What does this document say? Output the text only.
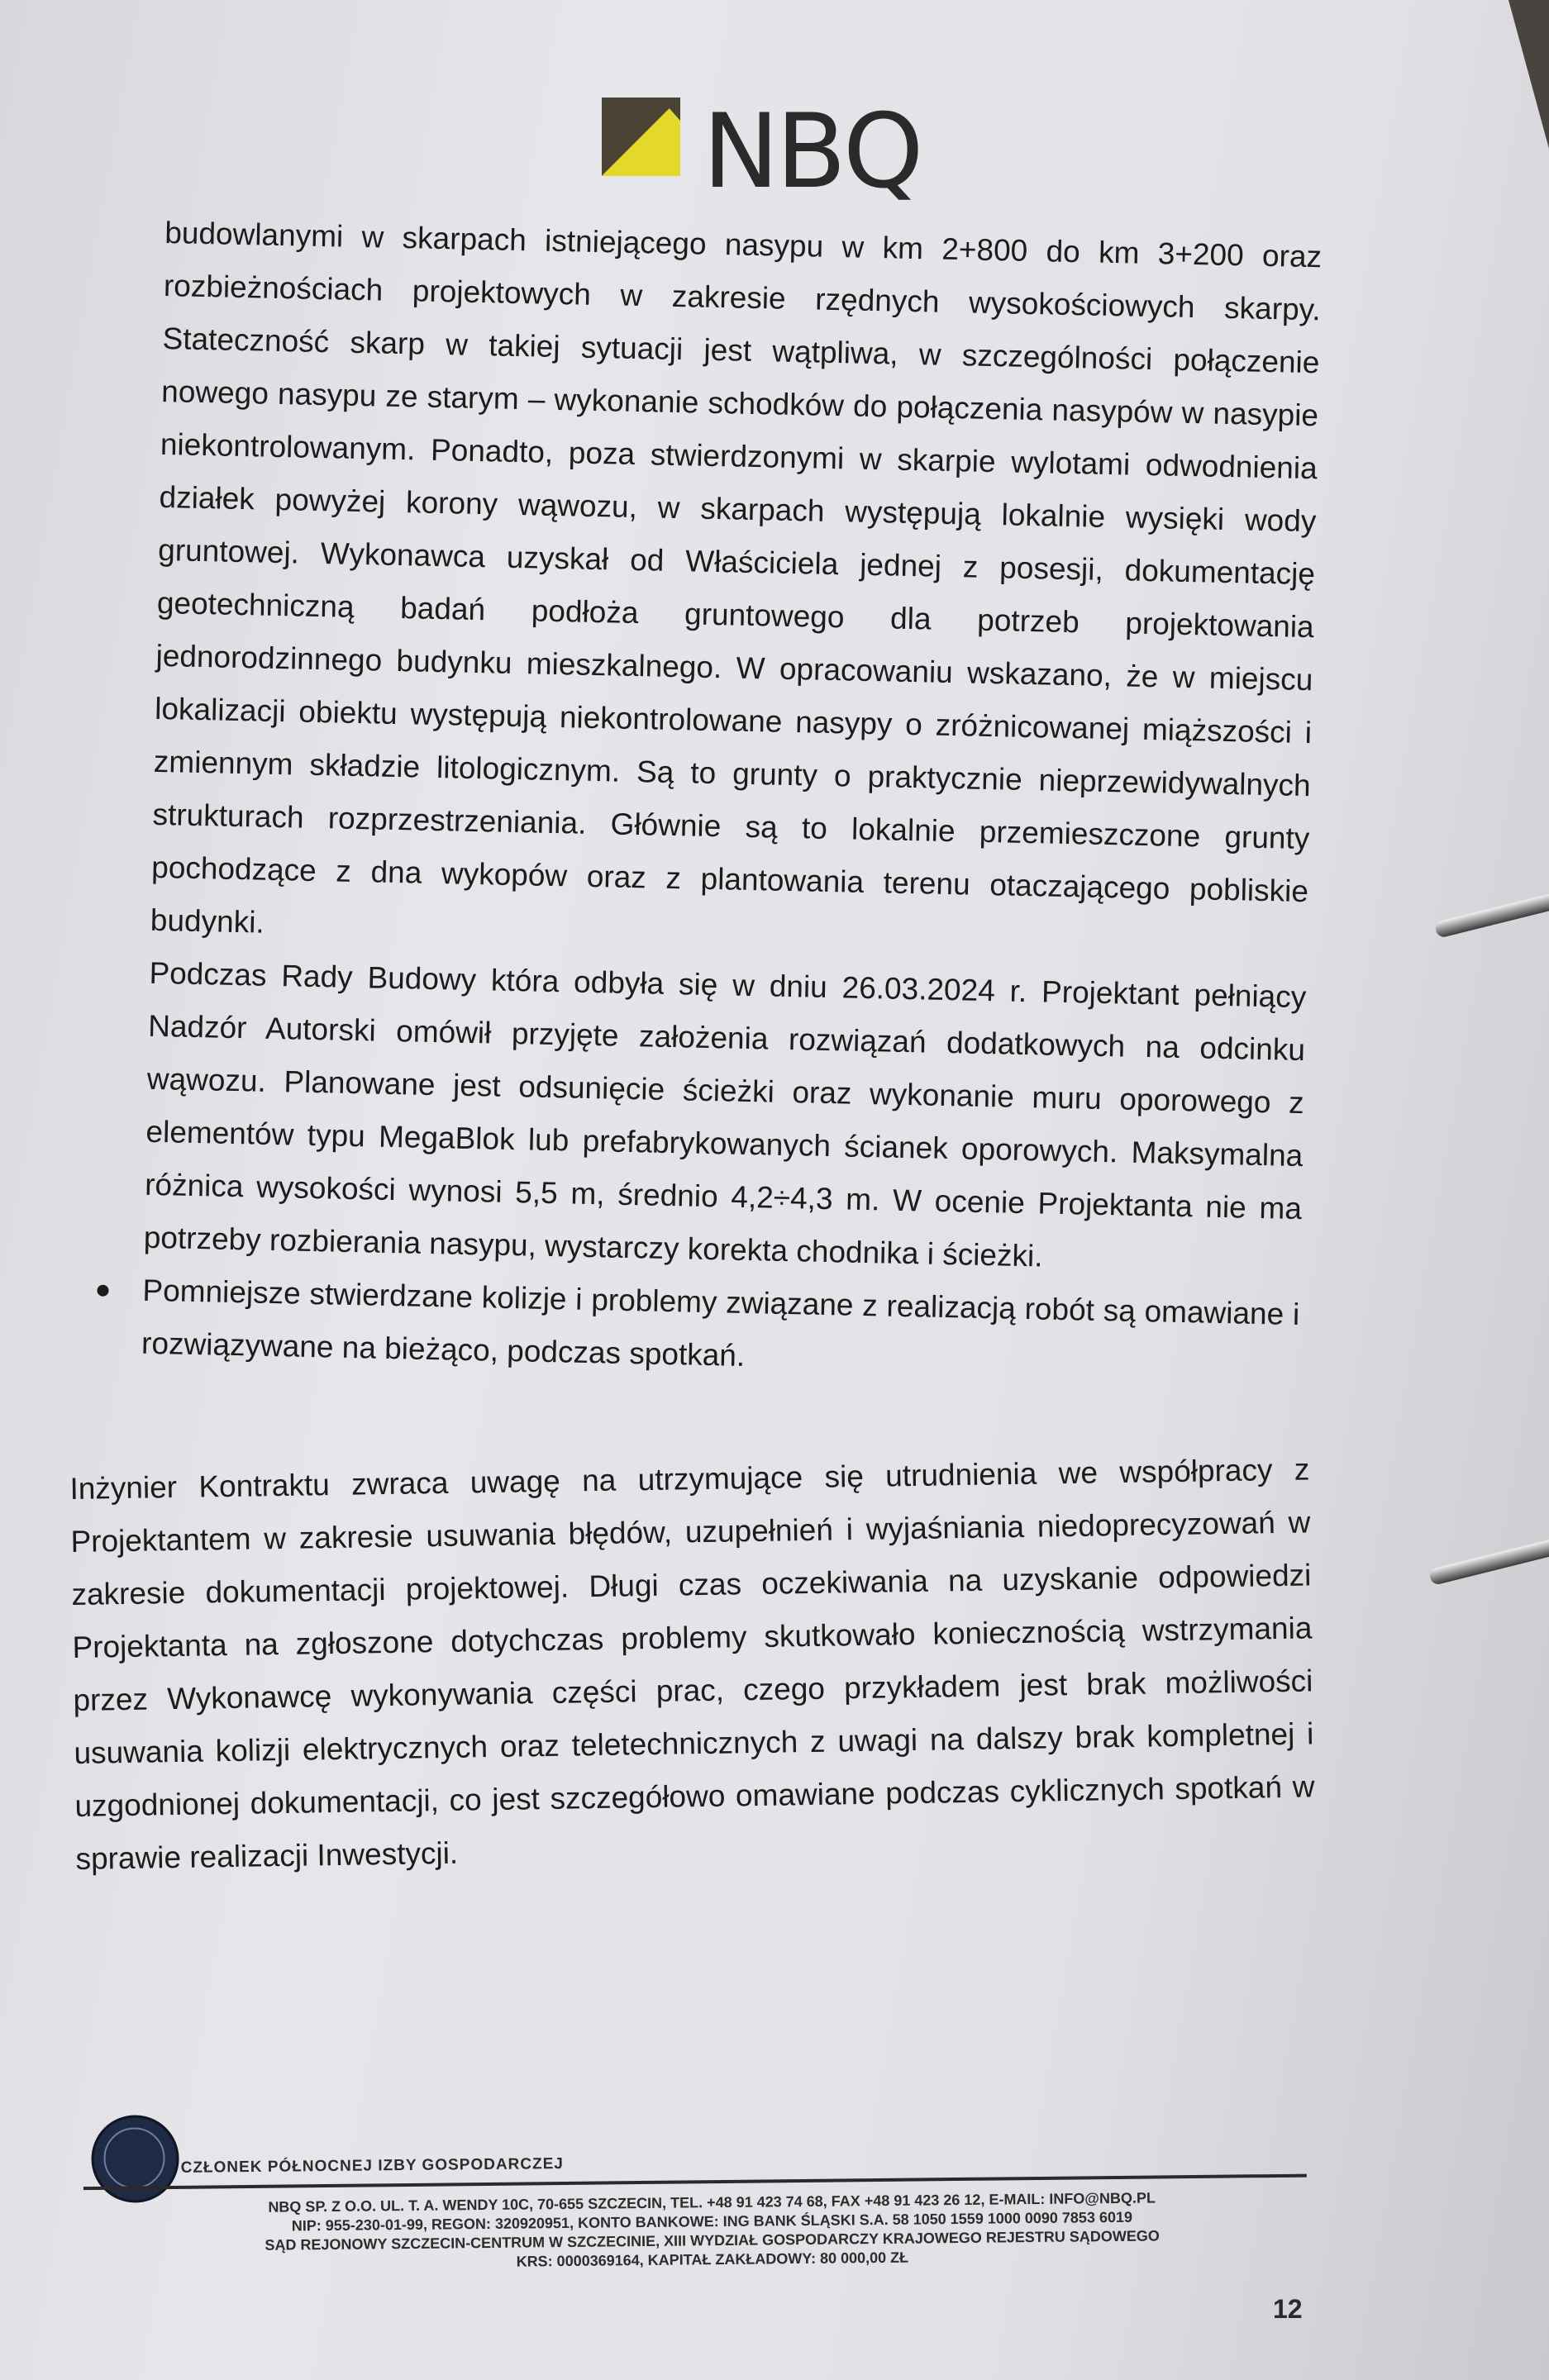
NBQ

budowlanymi w skarpach istniejącego nasypu w km 2+800 do km 3+200 oraz rozbieżnościach projektowych w zakresie rzędnych wysokościowych skarpy. Stateczność skarp w takiej sytuacji jest wątpliwa, w szczególności połączenie nowego nasypu ze starym – wykonanie schodków do połączenia nasypów w nasypie niekontrolowanym. Ponadto, poza stwierdzonymi w skarpie wylotami odwodnienia działek powyżej korony wąwozu, w skarpach występują lokalnie wysięki wody gruntowej. Wykonawca uzyskał od Właściciela jednej z posesji, dokumentację geotechniczną badań podłoża gruntowego dla potrzeb projektowania jednorodzinnego budynku mieszkalnego. W opracowaniu wskazano, że w miejscu lokalizacji obiektu występują niekontrolowane nasypy o zróżnicowanej miąższości i zmiennym składzie litologicznym. Są to grunty o praktycznie nieprzewidywalnych strukturach rozprzestrzeniania. Głównie są to lokalnie przemieszczone grunty pochodzące z dna wykopów oraz z plantowania terenu otaczającego pobliskie budynki.

Podczas Rady Budowy która odbyła się w dniu 26.03.2024 r. Projektant pełniący Nadzór Autorski omówił przyjęte założenia rozwiązań dodatkowych na odcinku wąwozu. Planowane jest odsunięcie ścieżki oraz wykonanie muru oporowego z elementów typu MegaBlok lub prefabrykowanych ścianek oporowych. Maksymalna różnica wysokości wynosi 5,5 m, średnio 4,2÷4,3 m. W ocenie Projektanta nie ma potrzeby rozbierania nasypu, wystarczy korekta chodnika i ścieżki.

Pomniejsze stwierdzane kolizje i problemy związane z realizacją robót są omawiane i rozwiązywane na bieżąco, podczas spotkań.

Inżynier Kontraktu zwraca uwagę na utrzymujące się utrudnienia we współpracy z Projektantem w zakresie usuwania błędów, uzupełnień i wyjaśniania niedoprecyzowań w zakresie dokumentacji projektowej. Długi czas oczekiwania na uzyskanie odpowiedzi Projektanta na zgłoszone dotychczas problemy skutkowało koniecznością wstrzymania przez Wykonawcę wykonywania części prac, czego przykładem jest brak możliwości usuwania kolizji elektrycznych oraz teletechnicznych z uwagi na dalszy brak kompletnej i uzgodnionej dokumentacji, co jest szczegółowo omawiane podczas cyklicznych spotkań w sprawie realizacji Inwestycji.

CZŁONEK PÓŁNOCNEJ IZBY GOSPODARCZEJ
NBQ SP. Z O.O. UL. T. A. WENDY 10C, 70-655 SZCZECIN, TEL. +48 91 423 74 68, FAX +48 91 423 26 12, E-MAIL: INFO@NBQ.PL
NIP: 955-230-01-99, REGON: 320920951, KONTO BANKOWE: ING BANK ŚLĄSKI S.A. 58 1050 1559 1000 0090 7853 6019
SĄD REJONOWY SZCZECIN-CENTRUM W SZCZECINIE, XIII WYDZIAŁ GOSPODARCZY KRAJOWEGO REJESTRU SĄDOWEGO
KRS: 0000369164, KAPITAŁ ZAKŁADOWY: 80 000,00 ZŁ
12
